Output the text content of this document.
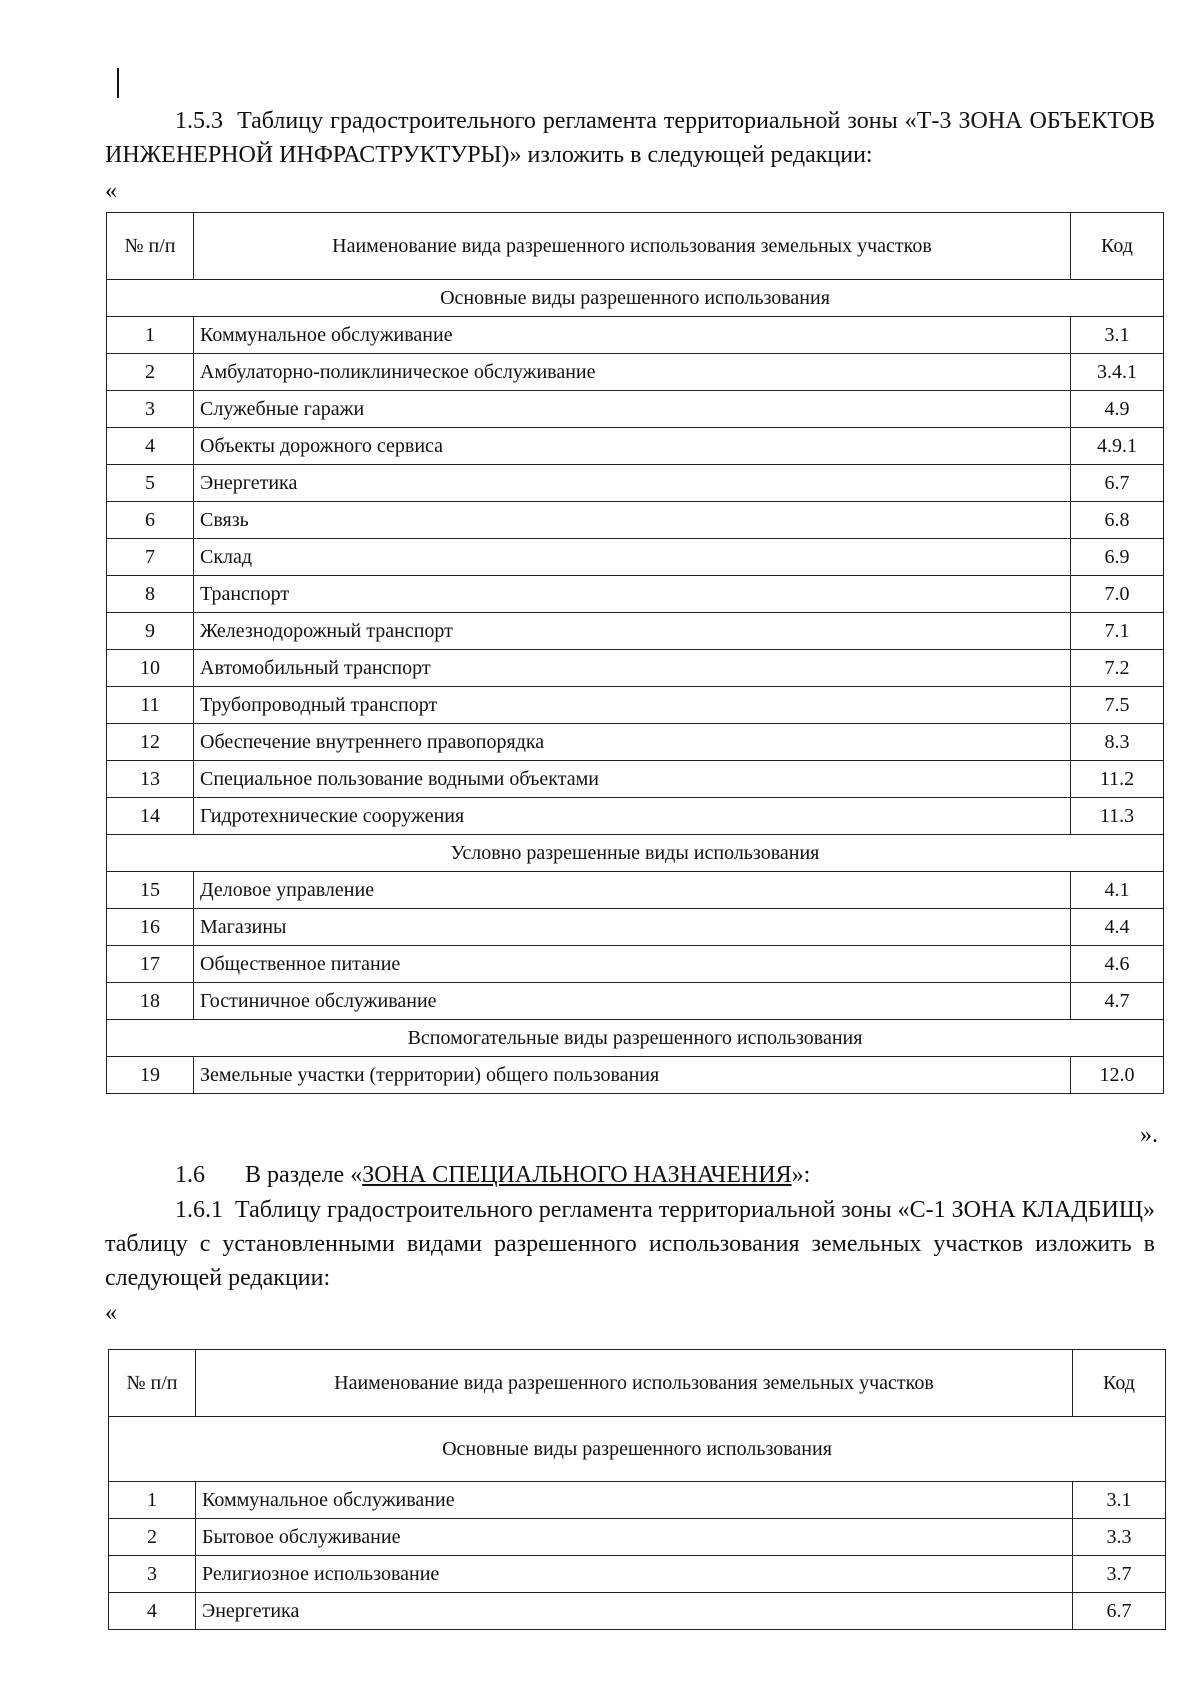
1.5.3 Таблицу градостроительного регламента территориальной зоны «Т-3 ЗОНА ОБЪЕКТОВ ИНЖЕНЕРНОЙ ИНФРАСТРУКТУРЫ)» изложить в следующей редакции:
«
№ п/п	Наименование вида разрешенного использования земельных участков	Код
Основные виды разрешенного использования		
1	Коммунальное обслуживание	3.1
2	Амбулаторно-поликлиническое обслуживание	3.4.1
3	Служебные гаражи	4.9
4	Объекты дорожного сервиса	4.9.1
5	Энергетика	6.7
6	Связь	6.8
7	Склад	6.9
8	Транспорт	7.0
9	Железнодорожный транспорт	7.1
10	Автомобильный транспорт	7.2
11	Трубопроводный транспорт	7.5
12	Обеспечение внутреннего правопорядка	8.3
13	Специальное пользование водными объектами	11.2
14	Гидротехнические сооружения	11.3
Условно разрешенные виды использования		
15	Деловое управление	4.1
16	Магазины	4.4
17	Общественное питание	4.6
18	Гостиничное обслуживание	4.7
Вспомогательные виды разрешенного использования		
19	Земельные участки (территории) общего пользования	12.0
».
1.6 В разделе «ЗОНА СПЕЦИАЛЬНОГО НАЗНАЧЕНИЯ»:
1.6.1 Таблицу градостроительного регламента территориальной зоны «С-1 ЗОНА КЛАДБИЩ» таблицу с установленными видами разрешенного использования земельных участков изложить в следующей редакции:
«
№ п/п	Наименование вида разрешенного использования земельных участков	Код
Основные виды разрешенного использования		
1	Коммунальное обслуживание	3.1
2	Бытовое обслуживание	3.3
3	Религиозное использование	3.7
4	Энергетика	6.7
